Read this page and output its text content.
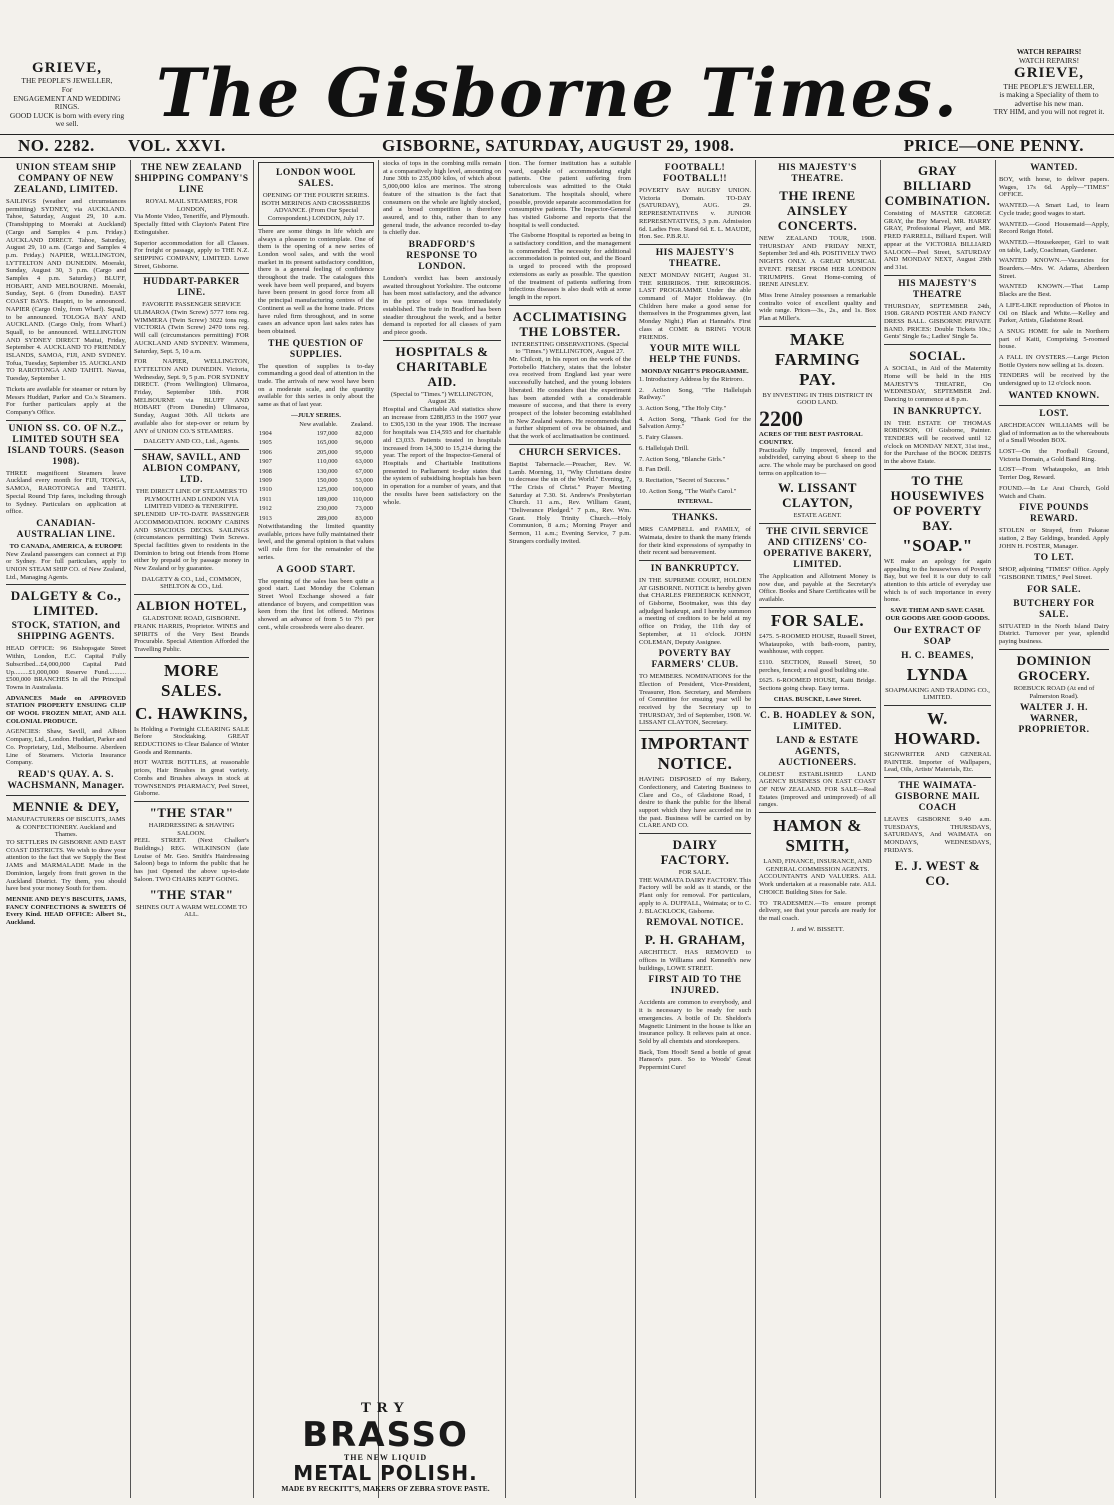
GRIEVE,
THE PEOPLE'S JEWELLER,
For
ENGAGEMENT AND WEDDING
RINGS.
GOOD LUCK is born with every ring we sell.	The Gisborne Times.
WATCH REPAIRS!
WATCH REPAIRS!
GRIEVE,
THE PEOPLE'S JEWELLER,
is making a Speciality of them to advertise his new man.
TRY HIM, and you will not regret it.
NO. 2282. VOL. XXVI.	GISBORNE, SATURDAY, AUGUST 29, 1908.	PRICE—ONE PENNY.
UNION STEAM SHIP COMPANY OF NEW ZEALAND, LIMITED.

SAILINGS (weather and circumstances permitting) SYDNEY, via AUCKLAND. Tahoe, Saturday, August 29, 10 a.m. (Transhipping to Moeraki at Auckland) (Cargo and Samples 4 p.m. Friday.) AUCKLAND DIRECT. Tahoe, Saturday, August 29, 10 a.m. (Cargo and Samples 4 p.m. Friday.) NAPIER, WELLINGTON, LYTTELTON AND DUNEDIN. Moeraki, Sunday, August 30, 3 p.m. (Cargo and Samples 4 p.m. Saturday.) BLUFF, HOBART, AND MELBOURNE. Moeraki, Sunday, Sept. 6 (from Dunedin). EAST COAST BAYS. Hauptri, to be announced. NAPIER (Cargo Only, from Wharf). Squall, to be announced. TOLOGA BAY AND AUCKLAND. (Cargo Only, from Wharf.) Squall, to be announced. WELLINGTON AND SYDNEY DIRECT Maitai, Friday, September 4. AUCKLAND TO FRIENDLY ISLANDS, SAMOA, FIJI, AND SYDNEY. Tofua, Tuesday, September 15. AUCKLAND TO RAROTONGA AND TAHITI. Navua, Tuesday, September 1.

Tickets are available for steamer or return by Messrs Huddart, Parker and Co.'s Steamers. For further particulars apply at the Company's Office.

UNION SS. CO. OF N.Z., LIMITED SOUTH SEA ISLAND TOURS. (Season 1908).

THREE magnificent Steamers leave Auckland every month for FIJI, TONGA, SAMOA, RAROTONGA and TAHITI. Special Round Trip fares, including through to Sydney. Particulars on application at office.

CANADIAN-AUSTRALIAN LINE.
TO CANADA, AMERICA, & EUROPE

New Zealand passengers can connect at Fiji or Sydney. For full particulars, apply to UNION STEAM SHIP CO. of New Zealand, Ltd., Managing Agents.

DALGETY & Co., LIMITED.
STOCK, STATION, and SHIPPING AGENTS.

HEAD OFFICE: 96 Bishopsgate Street Within, London, E.C. Capital Fully Subscribed...£4,000,000 Capital Paid Up.........£1,000,000 Reserve Fund...........£500,000 BRANCHES In all the Principal Towns in Australasia.

ADVANCES Made on APPROVED STATION PROPERTY ENSUING CLIP OF WOOL FROZEN MEAT, AND ALL COLONIAL PRODUCE.

AGENCIES: Shaw, Savill, and Albion Company, Ltd., London. Huddart, Parker and Co. Proprietary, Ltd., Melbourne. Aberdeen Line of Steamers. Victoria Insurance Company.

READ'S QUAY. A. S. WACHSMANN, Manager.
MENNIE & DEY,
MANUFACTURERS OF BISCUITS, JAMS & CONFECTIONERY. Auckland and Thames.

TO SETTLERS IN GISBORNE AND EAST COAST DISTRICTS. We wish to draw your attention to the fact that we Supply the Best JAMS and MARMALADE Made in the Dominion, largely from fruit grown in the Auckland District. Try them, you should have best your money South for them.

MENNIE AND DEY'S BISCUITS, JAMS, FANCY CONFECTIONS & SWEETS Of Every Kind. HEAD OFFICE: Albert St., Auckland.

THE NEW ZEALAND SHIPPING COMPANY'S LINE
ROYAL MAIL STEAMERS, FOR LONDON,

Via Monte Video, Teneriffe, and Plymouth. Specially fitted with Clayton's Patent Fire Extinguisher.

Superior accommodation for all Classes. For freight or passage, apply to THE N.Z. SHIPPING COMPANY, LIMITED. Lowe Street, Gisborne.

HUDDART-PARKER LINE.
FAVORITE PASSENGER SERVICE

ULIMAROA (Twin Screw) 5777 tons reg. WIMMERA (Twin Screw) 3022 tons reg. VICTORIA (Twin Screw) 2470 tons reg. Will call (circumstances permitting) FOR AUCKLAND AND SYDNEY. Wimmera, Saturday, Sept. 5, 10 a.m.

FOR NAPIER, WELLINGTON, LYTTELTON AND DUNEDIN. Victoria, Wednesday, Sept. 9, 5 p.m. FOR SYDNEY DIRECT. (From Wellington) Ulimaroa, Friday, September 18th. FOR MELBOURNE via BLUFF AND HOBART (From Dunedin) Ulimaroa, Sunday, August 30th. All tickets are available also for step-over or return by ANY of UNION CO.'S STEAMERS.

DALGETY AND CO., Ltd., Agents.
SHAW, SAVILL, AND ALBION COMPANY, LTD.
THE DIRECT LINE OF STEAMERS TO PLYMOUTH AND LONDON VIA LIMITED VIDEO & TENERIFFE.

SPLENDID UP-TO-DATE PASSENGER ACCOMMODATION. ROOMY CABINS AND SPACIOUS DECKS. SAILINGS (circumstances permitting) Twin Screws. Special facilities given to residents in the Dominion to bring out friends from Home either by prepaid or by passage money in New Zealand or by guarantee.

DALGETY & CO., Ltd., COMMON, SHELTON & CO., Ltd.
ALBION HOTEL,
GLADSTONE ROAD, GISBORNE.

FRANK HARRIS, Proprietor. WINES and SPIRITS of the Very Best Brands Procurable. Special Attention Afforded the Travelling Public.

MORE SALES.
C. HAWKINS,

Is Holding a Fortnight CLEARING SALE Before Stocktaking. GREAT REDUCTIONS to Clear Balance of Winter Goods and Remnants.

HOT WATER BOTTLES, at reasonable prices, Hair Brushes in great variety. Combs and Brushes always in stock at TOWNSEND'S PHARMACY, Peel Street, Gisborne.

"THE STAR"
HAIRDRESSING & SHAVING SALOON.

PEEL STREET. (Next Chalker's Buildings.) REG. WILKINSON (late Louise of Mr. Geo. Smith's Hairdressing Saloon) begs to inform the public that he has just Opened the above up-to-date Saloon. TWO CHAIRS KEPT GOING.

"THE STAR"
SHINES OUT A WARM WELCOME TO ALL.
LONDON WOOL SALES.
OPENING OF THE FOURTH SERIES. BOTH MERINOS AND CROSSBREDS ADVANCE. (From Our Special Correspondent.) LONDON, July 17.

There are some things in life which are always a pleasure to contemplate. One of them is the opening of a new series of London wool sales, and with the wool market in its present satisfactory condition, there is a general feeling of confidence throughout the trade. The catalogues this week have been well prepared, and buyers have been present in good force from all the principal manufacturing centres of the Continent as well as the home trade. Prices have ruled firm throughout, and in some cases an advance upon last sales rates has been obtained.

THE QUESTION OF SUPPLIES.

The question of supplies is to-day commanding a good deal of attention in the trade. The arrivals of new wool have been on a moderate scale, and the quantity available for this series is only about the same as that of last year.

—JULY SERIES.
	New available.	Zealand.
1904	197,000	82,000
1905	165,000	96,000
1906	205,000	95,000
1907	110,000	63,000
1908	130,000	67,000
1909	150,000	53,000
1910	125,000	100,000
1911	189,000	110,000
1912	230,000	73,000
1913	289,000	83,000

Notwithstanding the limited quantity available, prices have fully maintained their level, and the general opinion is that values will rule firm for the remainder of the series.

A GOOD START.

The opening of the sales has been quite a good start. Last Monday the Coleman Street Wool Exchange showed a fair attendance of buyers, and competition was keen from the first lot offered. Merinos showed an advance of from 5 to 7½ per cent., while crossbreds were also dearer.

TRY
BRASSO
THE NEW LIQUID
METAL POLISH.
MADE BY RECKITT'S, MAKERS OF ZEBRA STOVE PASTE.

stocks of tops in the combing mills remain at a comparatively high level, amounting on June 30th to 235,000 kilos, of which about 5,000,000 kilos are merinos. The strong feature of the situation is the fact that consumers on the whole are lightly stocked, and a broad competition is therefore assured, and to this, rather than to any general trade, the advance recorded to-day is chiefly due.

BRADFORD'S RESPONSE TO LONDON.

London's verdict has been anxiously awaited throughout Yorkshire. The outcome has been most satisfactory, and the advance in the price of tops was immediately established. The trade in Bradford has been steadier throughout the week, and a better demand is reported for all classes of yarn and piece goods.

HOSPITALS & CHARITABLE AID.
(Special to "Times.") WELLINGTON, August 28.

Hospital and Charitable Aid statistics show an increase from £288,853 in the 1907 year to £305,130 in the year 1908. The increase for hospitals was £14,593 and for charitable aid £3,033. Patients treated in hospitals increased from 14,300 to 15,214 during the year. The report of the Inspector-General of Hospitals and Charitable Institutions presented to Parliament to-day states that the system of subsidising hospitals has been in operation for a number of years, and that the results have been satisfactory on the whole.

tion. The former institution has a suitable ward, capable of accommodating eight patients. One patient suffering from tuberculosis was admitted to the Otaki Sanatorium. The hospitals should, where possible, provide separate accommodation for consumptive patients. The Inspector-General has visited Gisborne and reports that the hospital is well conducted.

The Gisborne Hospital is reported as being in a satisfactory condition, and the management is commended. The necessity for additional accommodation is pointed out, and the Board is urged to proceed with the proposed extensions as early as possible. The question of the treatment of patients suffering from infectious diseases is also dealt with at some length in the report.

ACCLIMATISING THE LOBSTER.
INTERESTING OBSERVATIONS. (Special to "Times.") WELLINGTON, August 27.

Mr. Chilcott, in his report on the work of the Portobello Hatchery, states that the lobster ova received from England last year were successfully hatched, and the young lobsters liberated. He considers that the experiment has been attended with a considerable measure of success, and that there is every prospect of the lobster becoming established in New Zealand waters. He recommends that a further shipment of ova be obtained, and that the work of acclimatisation be continued.

CHURCH SERVICES.

Baptist Tabernacle.—Preacher, Rev. W. Lamb. Morning, 11, "Why Christians desire to decrease the sin of the World." Evening, 7, "The Crisis of Christ." Prayer Meeting Saturday at 7.30. St. Andrew's Presbyterian Church. 11 a.m., Rev. William Grant, "Deliverance Pledged." 7 p.m., Rev. Wm. Grant. Holy Trinity Church.—Holy Communion, 8 a.m.; Morning Prayer and Sermon, 11 a.m.; Evening Service, 7 p.m. Strangers cordially invited.

FOOTBALL! FOOTBALL!!

POVERTY BAY RUGBY UNION. Victoria Domain. TO-DAY (SATURDAY), AUG. 29. REPRESENTATIVES v. JUNIOR REPRESENTATIVES, 3 p.m. Admission 6d. Ladies Free. Stand 6d. E. L. MAUDE, Hon. Sec. P.B.R.U.

HIS MAJESTY'S THEATRE.

NEXT MONDAY NIGHT, August 31. THE RIRIRIROS. THE RIRORIROS. LAST PROGRAMME Under the able command of Major Holdaway. (In Children here make a good sense for themselves in the Programmes given, last Monday Night.) Plan at Hannah's. First class at COME & BRING YOUR FRIENDS.

YOUR MITE WILL HELP THE FUNDS.
MONDAY NIGHT'S PROGRAMME.

1. Introductory Address by the Ririroro.

2. Action Song, "The Hallelujah Railway."

3. Action Song, "The Holy City."

4. Action Song, "Thank God for the Salvation Army."

5. Fairy Glasses.

6. Hallelujah Drill.

7. Action Song, "Blanche Girls."

8. Fan Drill.

9. Recitation, "Secret of Success."

10. Action Song, "The Waif's Carol."

INTERVAL.
THANKS.

MRS CAMPBELL and FAMILY, of Waimata, desire to thank the many friends for their kind expressions of sympathy in their recent sad bereavement.

IN BANKRUPTCY.

IN THE SUPREME COURT, HOLDEN AT GISBORNE. NOTICE is hereby given that CHARLES FREDERICK KENNOT, of Gisborne, Bootmaker, was this day adjudged bankrupt, and I hereby summon a meeting of creditors to be held at my office on Friday, the 11th day of September, at 11 o'clock. JOHN COLEMAN, Deputy Assignee.

POVERTY BAY FARMERS' CLUB.

TO MEMBERS. NOMINATIONS for the Election of President, Vice-President, Treasurer, Hon. Secretary, and Members of Committee for ensuing year will be received by the Secretary up to THURSDAY, 3rd of September, 1908. W. LISSANT CLAYTON, Secretary.

IMPORTANT NOTICE.

HAVING DISPOSED of my Bakery, Confectionery, and Catering Business to Clare and Co., of Gladstone Road, I desire to thank the public for the liberal support which they have accorded me in the past. Business will be carried on by CLARE AND CO.

DAIRY FACTORY.
FOR SALE.

THE WAIMATA DAIRY FACTORY. This Factory will be sold as it stands, or the Plant only for removal. For particulars, apply to A. DUFFALL, Waimata; or to C. J. BLACKLOCK, Gisborne.

REMOVAL NOTICE.
P. H. GRAHAM,

ARCHITECT. HAS REMOVED to offices in Williams and Kenneth's new buildings, LOWE STREET.

FIRST AID TO THE INJURED.

Accidents are common to everybody, and it is necessary to be ready for such emergencies. A bottle of Dr. Sheldon's Magnetic Liniment in the house is like an insurance policy. It relieves pain at once. Sold by all chemists and storekeepers.

Back, Tom Hood! Send a bottle of great Hanson's pure. So to Woods' Great Peppermint Cure!

HIS MAJESTY'S THEATRE.
THE IRENE AINSLEY CONCERTS.

NEW ZEALAND TOUR, 1908. THURSDAY AND FRIDAY NEXT, September 3rd and 4th. POSITIVELY TWO NIGHTS ONLY. A GREAT MUSICAL EVENT. FRESH FROM HER LONDON TRIUMPHS. Great Home-coming of IRENE AINSLEY.

Miss Irene Ainsley possesses a remarkable contralto voice of excellent quality and wide range. Prices—3s., 2s., and 1s. Box Plan at Miller's.

MAKE FARMING PAY.
BY INVESTING IN THIS DISTRICT IN GOOD LAND.
2200
ACRES OF THE BEST PASTORAL COUNTRY.

Practically fully improved, fenced and subdivided, carrying about 6 sheep to the acre. The whole may be purchased on good terms on application to—

W. LISSANT CLAYTON,
ESTATE AGENT.
THE CIVIL SERVICE AND CITIZENS' CO-OPERATIVE BAKERY, LIMITED.

The Application and Allotment Money is now due, and payable at the Secretary's Office. Books and Share Certificates will be available.

FOR SALE.

£475. 5-ROOMED HOUSE, Russell Street, Whataupoko, with bath-room, pantry, washhouse, with copper.

£110. SECTION, Russell Street, 50 perches, fenced; a real good building site.

£625. 6-ROOMED HOUSE, Kaiti Bridge. Sections going cheap. Easy terms.

CHAS. BUSCKE, Lowe Street.
C. B. HOADLEY & SON, LIMITED.
LAND & ESTATE AGENTS, AUCTIONEERS.

OLDEST ESTABLISHED LAND AGENCY BUSINESS ON EAST COAST OF NEW ZEALAND. FOR SALE—Real Estates (improved and unimproved) of all ranges.

HAMON & SMITH,
LAND, FINANCE, INSURANCE, AND GENERAL COMMISSION AGENTS.

ACCOUNTANTS AND VALUERS. ALL Work undertaken at a reasonable rate. ALL CHOICE Building Sites for Sale.

TO TRADESMEN.—To ensure prompt delivery, see that your parcels are ready for the mail coach.

J. and W. BISSETT.
GRAY BILLIARD COMBINATION.

Consisting of MASTER GEORGE GRAY, the Boy Marvel, MR. HARRY GRAY, Professional Player, and MR. FRED FARRELL, Billiard Expert. Will appear at the VICTORIA BILLIARD SALOON—Peel Street, SATURDAY AND MONDAY NEXT, August 29th and 31st.

HIS MAJESTY'S THEATRE

THURSDAY, SEPTEMBER 24th, 1908. GRAND POSTER AND FANCY DRESS BALL. GISBORNE PRIVATE BAND. PRICES: Double Tickets 10s.; Gents' Single 6s.; Ladies' Single 5s.

SOCIAL.

A SOCIAL, in Aid of the Maternity Home will be held in the HIS MAJESTY'S THEATRE, On WEDNESDAY, SEPTEMBER 2nd. Dancing to commence at 8 p.m.

IN BANKRUPTCY.

IN THE ESTATE OF THOMAS ROBINSON, Of Gisborne, Painter. TENDERS will be received until 12 o'clock on MONDAY NEXT, 31st inst., for the Purchase of the BOOK DEBTS in the above Estate.

TO THE HOUSEWIVES OF POVERTY BAY.
"SOAP."

WE make an apology for again appealing to the housewives of Poverty Bay, but we feel it is our duty to call attention to this article of everyday use which is of such importance in every home.

SAVE THEM AND SAVE CASH.
OUR GOODS ARE GOOD GOODS.
Our EXTRACT OF SOAP
H. C. BEAMES,
LYNDA
SOAPMAKING AND TRADING CO., LIMITED.
W. HOWARD.

SIGNWRITER AND GENERAL PAINTER. Importer of Wallpapers, Lead, Oils, Artists' Materials, Etc.

THE WAIMATA-GISBORNE MAIL COACH

LEAVES GISBORNE 9.40 a.m. TUESDAYS, THURSDAYS, SATURDAYS, And WAIMATA on MONDAYS, WEDNESDAYS, FRIDAYS.

E. J. WEST & CO.
WANTED.

BOY, with horse, to deliver papers. Wages, 17s 6d. Apply—"TIMES" OFFICE.

WANTED.—A Smart Lad, to learn Cycle trade; good wages to start.

WANTED.—Good Housemaid—Apply, Record Reign Hotel.

WANTED.—Housekeeper, Girl to wait on table, Lady, Coachman, Gardener.

WANTED KNOWN.—Vacancies for Boarders.—Mrs. W. Adams, Aberdeen Street.

WANTED KNOWN.—That Lamp Blacks are the Best.

A LIFE-LIKE reproduction of Photos in Oil on Black and White.—Kelley and Parker, Artists, Gladstone Road.

A SNUG HOME for sale in Northern part of Kaiti, Comprising 5-roomed house.

A FALL IN OYSTERS.—Large Picton Bottle Oysters now selling at 1s. dozen.

TENDERS will be received by the undersigned up to 12 o'clock noon.

WANTED KNOWN.
LOST.

ARCHDEACON WILLIAMS will be glad of information as to the whereabouts of a Small Wooden BOX.

LOST—On the Football Ground, Victoria Domain, a Gold Band Ring.

LOST—From Whataupoko, an Irish Terrier Dog, Reward.

FOUND.—In Le Arai Church, Gold Watch and Chain.

FIVE POUNDS REWARD.

STOLEN or Strayed, from Pakarae station, 2 Bay Geldings, branded. Apply JOHN H. FOSTER, Manager.

TO LET.

SHOP, adjoining "TIMES" Office. Apply "GISBORNE TIMES," Peel Street.

FOR SALE.
BUTCHERY FOR SALE.

SITUATED in the North Island Dairy District. Turnover per year, splendid paying business.

DOMINION GROCERY.
ROEBUCK ROAD (At end of Palmerston Road).
WALTER J. H. WARNER, PROPRIETOR.
